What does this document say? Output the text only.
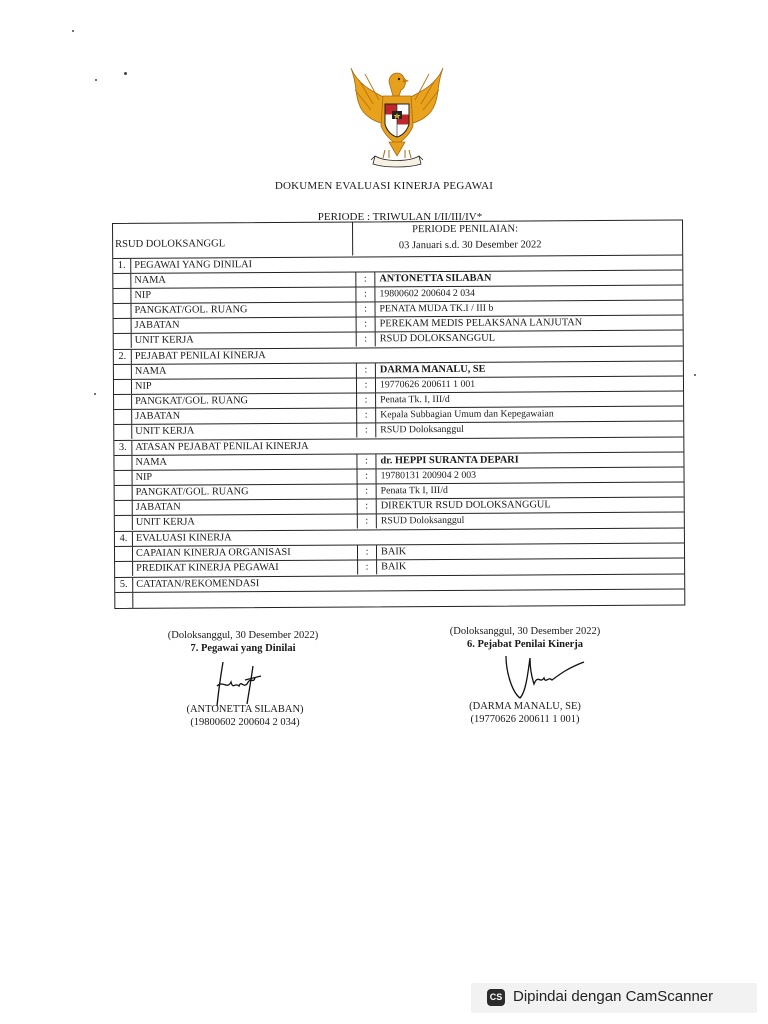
DOKUMEN EVALUASI KINERJA PEGAWAI
PERIODE : TRIWULAN I/II/III/IV*
RSUD DOLOKSANGGL
PERIODE PENILAIAN:
03 Januari s.d. 30 Desember 2022
1. PEGAWAI YANG DINILAI
NAMA	:	ANTONETTA SILABAN
NIP	:	19800602 200604 2 034
PANGKAT/GOL. RUANG	:	PENATA MUDA TK.I / III b
JABATAN	:	PEREKAM MEDIS PELAKSANA LANJUTAN
UNIT KERJA	:	RSUD DOLOKSANGGUL
2. PEJABAT PENILAI KINERJA
NAMA	:	DARMA MANALU, SE
NIP	:	19770626 200611 1 001
PANGKAT/GOL. RUANG	:	Penata Tk. I, III/d
JABATAN	:	Kepala Subbagian Umum dan Kepegawaian
UNIT KERJA	:	RSUD Doloksanggul
3. ATASAN PEJABAT PENILAI KINERJA
NAMA	:	dr. HEPPI SURANTA DEPARI
NIP	:	19780131 200904 2 003
PANGKAT/GOL. RUANG	:	Penata Tk I, III/d
JABATAN	:	DIREKTUR RSUD DOLOKSANGGUL
UNIT KERJA	:	RSUD Doloksanggul
4. EVALUASI KINERJA
CAPAIAN KINERJA ORGANISASI	:	BAIK
PREDIKAT KINERJA PEGAWAI	:	BAIK
5. CATATAN/REKOMENDASI
(Doloksanggul, 30 Desember 2022)
7. Pegawai yang Dinilai
(ANTONETTA SILABAN)
(19800602 200604 2 034)
(Doloksanggul, 30 Desember 2022)
6. Pejabat Penilai Kinerja
(DARMA MANALU, SE)
(19770626 200611 1 001)
CS Dipindai dengan CamScanner
